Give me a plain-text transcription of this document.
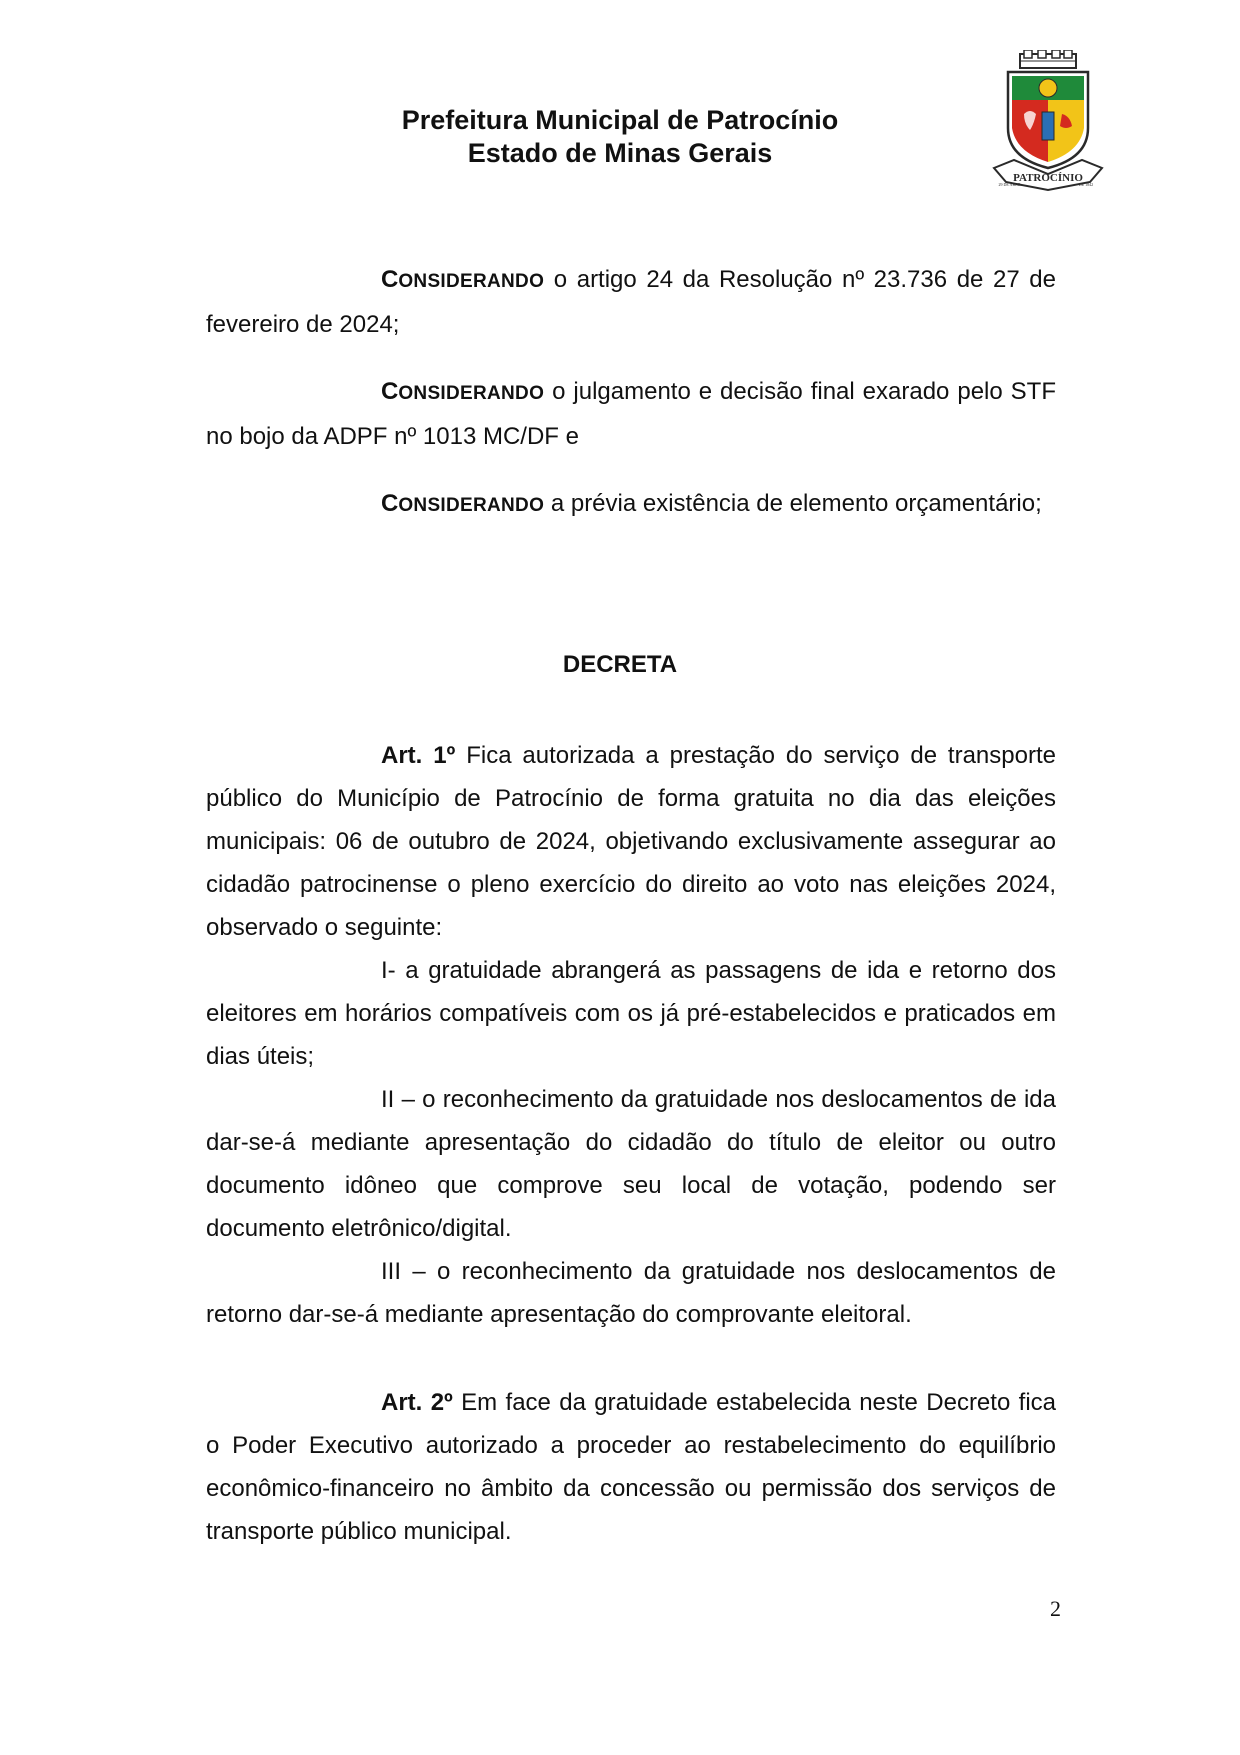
Prefeitura Municipal de Patrocínio
Estado de Minas Gerais
PATROCÍNIO
29 DE ABRIL	DE 1842

CONSIDERANDO o artigo 24 da Resolução nº 23.736 de 27 de fevereiro de 2024;

CONSIDERANDO o julgamento e decisão final exarado pelo STF no bojo da ADPF nº 1013 MC/DF e

CONSIDERANDO a prévia existência de elemento orçamentário;

DECRETA

Art. 1º Fica autorizada a prestação do serviço de transporte público do Município de Patrocínio de forma gratuita no dia das eleições municipais: 06 de outubro de 2024, objetivando exclusivamente assegurar ao cidadão patrocinense o pleno exercício do direito ao voto nas eleições 2024, observado o seguinte:

I- a gratuidade abrangerá as passagens de ida e retorno dos eleitores em horários compatíveis com os já pré-estabelecidos e praticados em dias úteis;

II – o reconhecimento da gratuidade nos deslocamentos de ida dar-se-á mediante apresentação do cidadão do título de eleitor ou outro documento idôneo que comprove seu local de votação, podendo ser documento eletrônico/digital.

III – o reconhecimento da gratuidade nos deslocamentos de retorno dar-se-á mediante apresentação do comprovante eleitoral.

Art. 2º Em face da gratuidade estabelecida neste Decreto fica o Poder Executivo autorizado a proceder ao restabelecimento do equilíbrio econômico-financeiro no âmbito da concessão ou permissão dos serviços de transporte público municipal.

2
